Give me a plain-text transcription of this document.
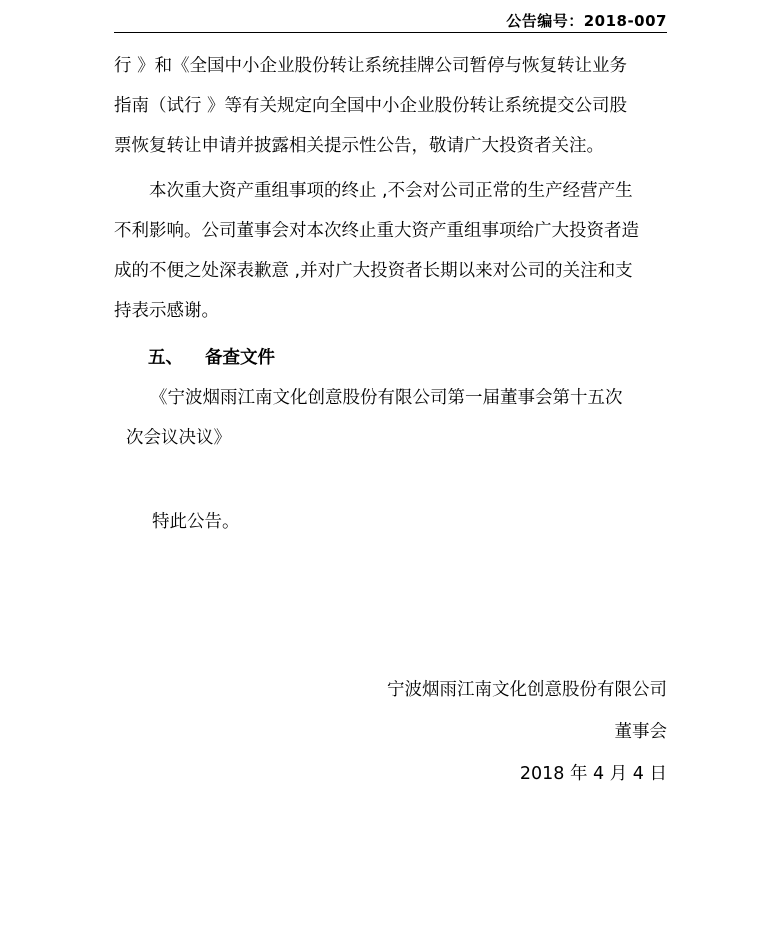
公告编号：2018-007
行 》和《全国中小企业股份转让系统挂牌公司暂停与恢复转让业务
指南（试行 》等有关规定向全国中小企业股份转让系统提交公司股
票恢复转让申请并披露相关提示性公告，敬请广大投资者关注。
　　本次重大资产重组事项的终止 ,不会对公司正常的生产经营产生
不利影响。公司董事会对本次终止重大资产重组事项给广大投资者造
成的不便之处深表歉意 ,并对广大投资者长期以来对公司的关注和支
持表示感谢。
五、 备查文件
《宁波烟雨江南文化创意股份有限公司第一届董事会第十五次
次会议决议》
特此公告。
宁波烟雨江南文化创意股份有限公司
董事会
2018 年 4 月 4 日
